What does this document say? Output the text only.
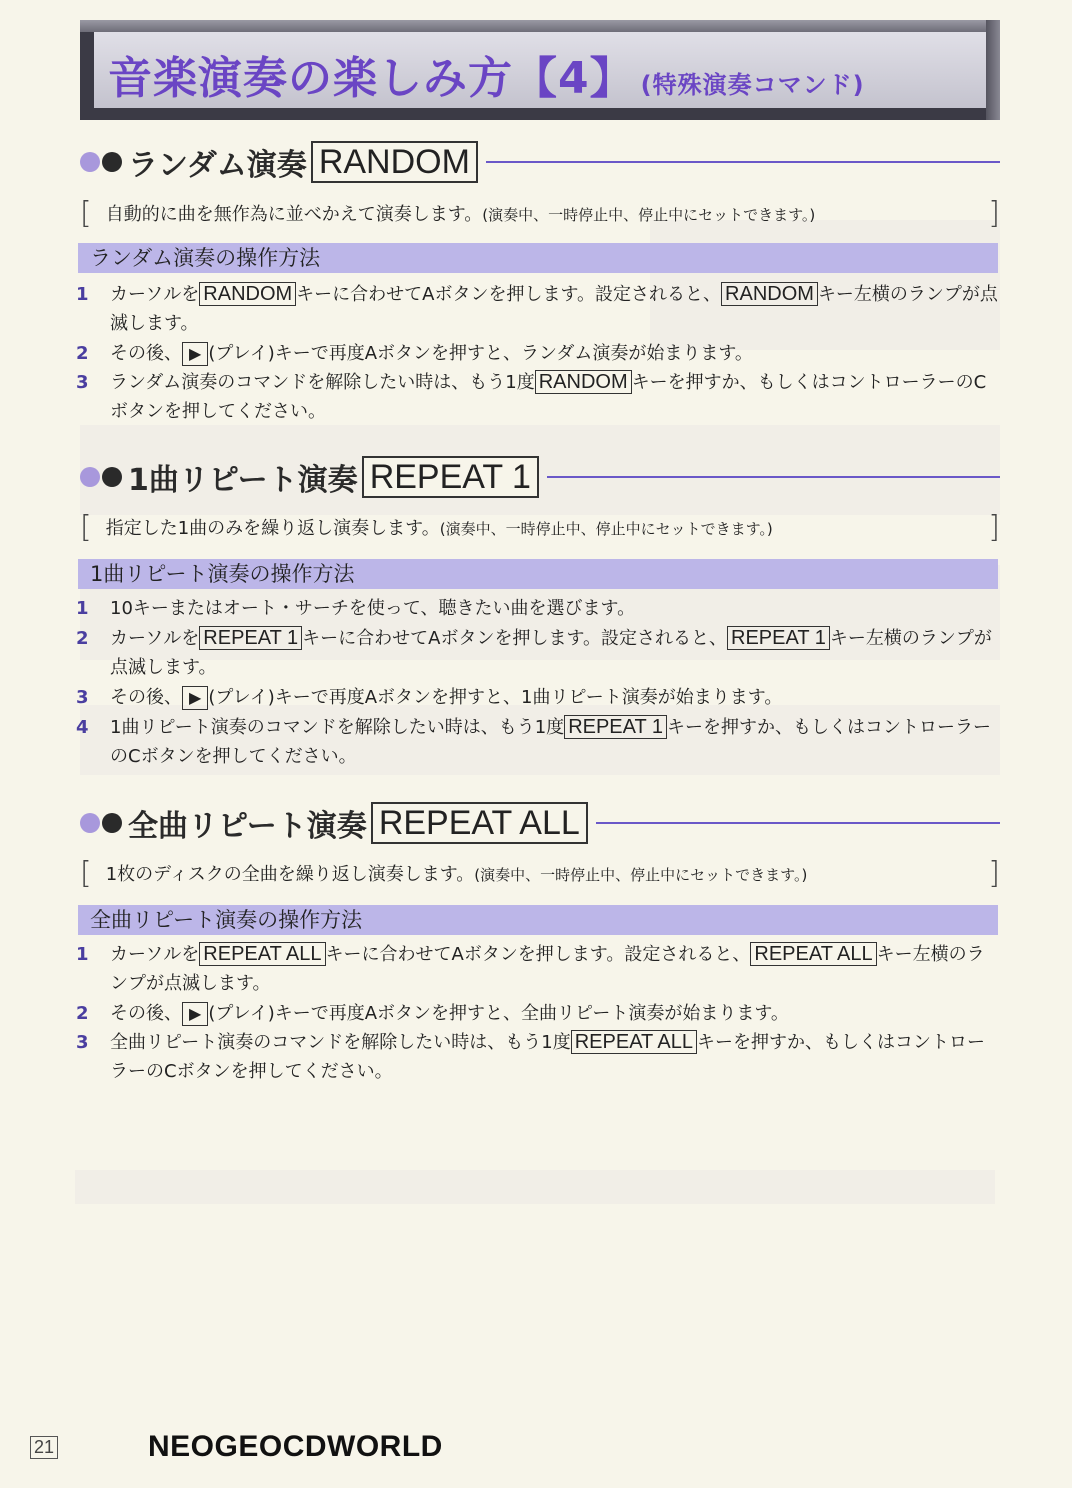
音楽演奏の楽しみ方【4】 (特殊演奏コマンド)
ランダム演奏 RANDOM
[ 自動的に曲を無作為に並べかえて演奏します。(演奏中、一時停止中、停止中にセットできます。)	]
ランダム演奏の操作方法
1	カーソルを RANDOM キーに合わせてAボタンを押します。設定されると、 RANDOM キー左横のランプが点滅します。
2	その後、 ▶ (プレイ)キーで再度Aボタンを押すと、ランダム演奏が始まります。
3	ランダム演奏のコマンドを解除したい時は、もう1度 RANDOM キーを押すか、もしくはコントローラーのCボタンを押してください。
1曲リピート演奏 REPEAT 1
[ 指定した1曲のみを繰り返し演奏します。(演奏中、一時停止中、停止中にセットできます。)	]
1曲リピート演奏の操作方法
1	10キーまたはオート・サーチを使って、聴きたい曲を選びます。
2	カーソルを REPEAT 1 キーに合わせてAボタンを押します。設定されると、 REPEAT 1 キー左横のランプが点滅します。
3	その後、 ▶ (プレイ)キーで再度Aボタンを押すと、1曲リピート演奏が始まります。
4	1曲リピート演奏のコマンドを解除したい時は、もう1度 REPEAT 1 キーを押すか、もしくはコントローラーのCボタンを押してください。
全曲リピート演奏 REPEAT ALL
[ 1枚のディスクの全曲を繰り返し演奏します。(演奏中、一時停止中、停止中にセットできます。)	]
全曲リピート演奏の操作方法
1	カーソルを REPEAT ALL キーに合わせてAボタンを押します。設定されると、 REPEAT ALL キー左横のランプが点滅します。
2	その後、 ▶ (プレイ)キーで再度Aボタンを押すと、全曲リピート演奏が始まります。
3	全曲リピート演奏のコマンドを解除したい時は、もう1度 REPEAT ALL キーを押すか、もしくはコントローラーのCボタンを押してください。
21	NEOGEOCDWORLD
